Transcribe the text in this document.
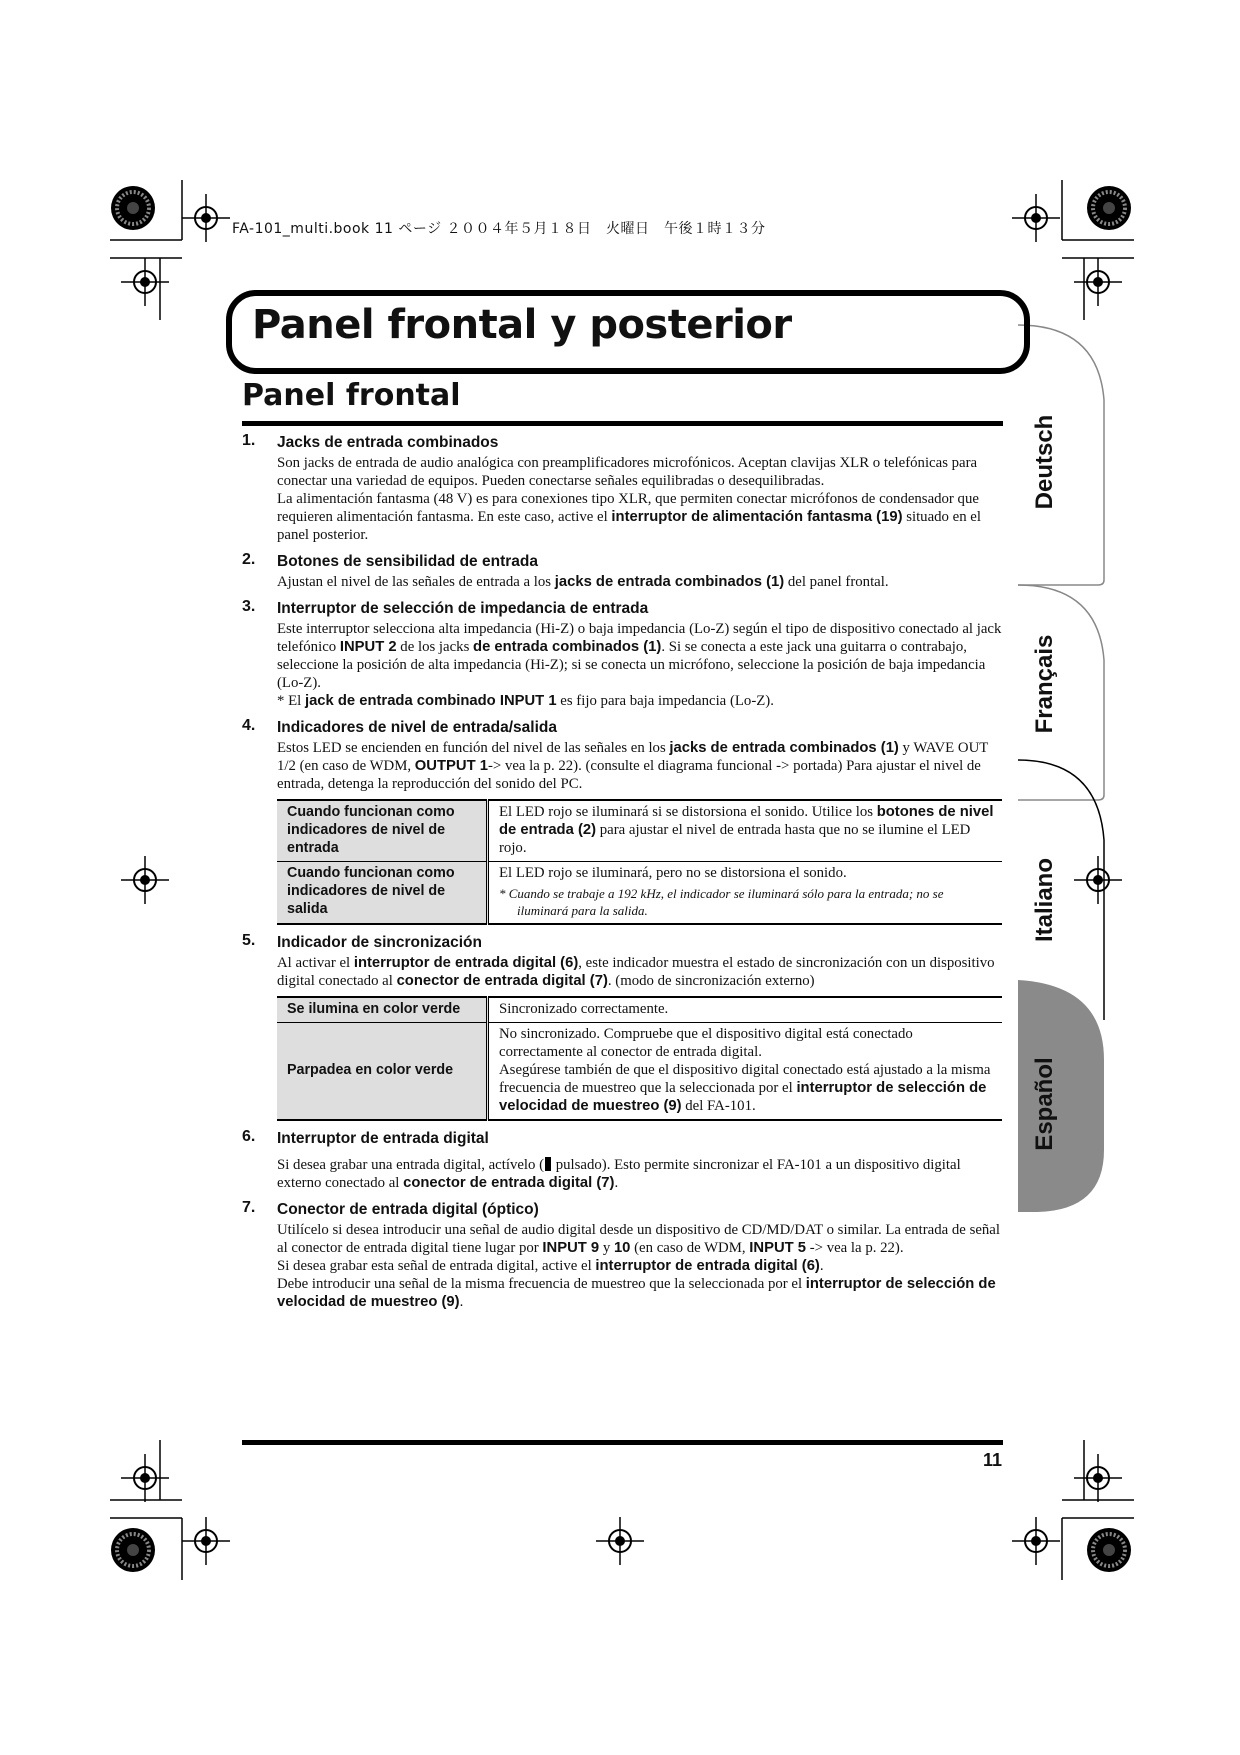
FA-101_multi.book 11 ページ ２００４年５月１８日　火曜日　午後１時１３分
Deutsch
Français
Italiano
Español
Panel frontal y posterior
Panel frontal
1. Jacks de entrada combinados

Son jacks de entrada de audio analógica con preamplificadores microfónicos. Aceptan clavijas XLR o telefónicas para conectar una variedad de equipos. Pueden conectarse señales equilibradas o desequilibradas.

La alimentación fantasma (48 V) es para conexiones tipo XLR, que permiten conectar micrófonos de condensador que requieren alimentación fantasma. En este caso, active el interruptor de alimentación fantasma (19) situado en el panel posterior.

2. Botones de sensibilidad de entrada

Ajustan el nivel de las señales de entrada a los jacks de entrada combinados (1) del panel frontal.

3. Interruptor de selección de impedancia de entrada

Este interruptor selecciona alta impedancia (Hi-Z) o baja impedancia (Lo-Z) según el tipo de dispositivo conectado al jack telefónico INPUT 2 de los jacks de entrada combinados (1). Si se conecta a este jack una guitarra o contrabajo, seleccione la posición de alta impedancia (Hi-Z); si se conecta un micrófono, seleccione la posición de baja impedancia (Lo-Z).

* El jack de entrada combinado INPUT 1 es fijo para baja impedancia (Lo-Z).

4. Indicadores de nivel de entrada/salida

Estos LED se encienden en función del nivel de las señales en los jacks de entrada combinados (1) y WAVE OUT 1/2 (en caso de WDM, OUTPUT 1-> vea la p. 22). (consulte el diagrama funcional -> portada) Para ajustar el nivel de entrada, detenga la reproducción del sonido del PC.

Cuando funcionan como indicadores de nivel de entrada	El LED rojo se iluminará si se distorsiona el sonido. Utilice los botones de nivel de entrada (2) para ajustar el nivel de entrada hasta que no se ilumine el LED rojo.
Cuando funcionan como indicadores de nivel de salida	El LED rojo se iluminará, pero no se distorsiona el sonido.
* Cuando se trabaje a 192 kHz, el indicador se iluminará sólo para la entrada; no se iluminará para la salida.
5. Indicador de sincronización

Al activar el interruptor de entrada digital (6), este indicador muestra el estado de sincronización con un dispositivo digital conectado al conector de entrada digital (7). (modo de sincronización externo)

Se ilumina en color verde	Sincronizado correctamente.
Parpadea en color verde	No sincronizado. Compruebe que el dispositivo digital está conectado correctamente al conector de entrada digital.
Asegúrese también de que el dispositivo digital conectado está ajustado a la misma frecuencia de muestreo que la seleccionada por el interruptor de selección de velocidad de muestreo (9) del FA-101.
6. Interruptor de entrada digital

Si desea grabar una entrada digital, actívelo ( pulsado). Esto permite sincronizar el FA-101 a un dispositivo digital externo conectado al conector de entrada digital (7).

7. Conector de entrada digital (óptico)

Utilícelo si desea introducir una señal de audio digital desde un dispositivo de CD/MD/DAT o similar. La entrada de señal al conector de entrada digital tiene lugar por INPUT 9 y 10 (en caso de WDM, INPUT 5 -> vea la p. 22).

Si desea grabar esta señal de entrada digital, active el interruptor de entrada digital (6).

Debe introducir una señal de la misma frecuencia de muestreo que la seleccionada por el interruptor de selección de velocidad de muestreo (9).

11
